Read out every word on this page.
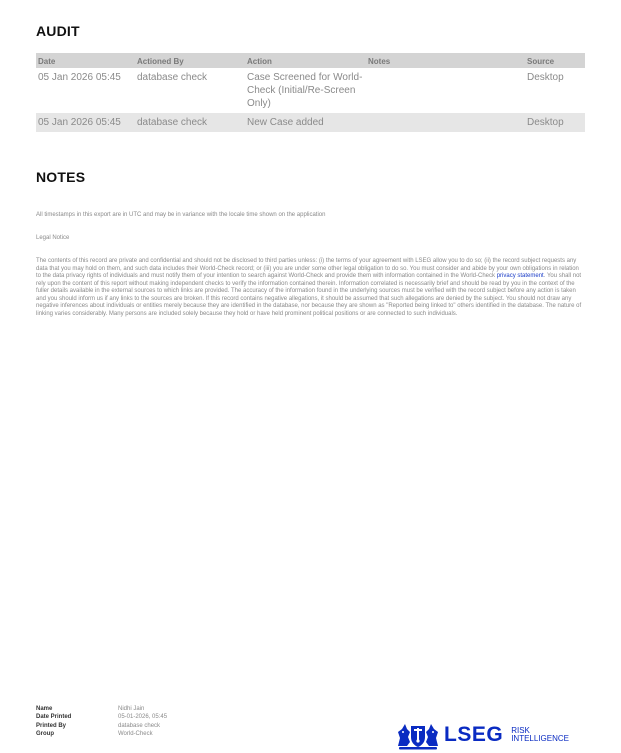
AUDIT
Date	Actioned By	Action	Notes	Source
05 Jan 2026 05:45	database check	Case Screened for World-Check (Initial/Re-Screen Only)		Desktop
05 Jan 2026 05:45	database check	New Case added		Desktop
NOTES
All timestamps in this export are in UTC and may be in variance with the locale time shown on the application
Legal Notice
The contents of this record are private and confidential and should not be disclosed to third parties unless: (i) the terms of your agreement with LSEG allow you to do so; (ii) the record subject requests any data that you may hold on them, and such data includes their World-Check record; or (iii) you are under some other legal obligation to do so. You must consider and abide by your own obligations in relation to the data privacy rights of individuals and must notify them of your intention to search against World-Check and provide them with information contained in the World-Check privacy statement. You shall not rely upon the content of this report without making independent checks to verify the information contained therein. Information correlated is necessarily brief and should be read by you in the context of the fuller details available in the external sources to which links are provided. The accuracy of the information found in the underlying sources must be verified with the record subject before any action is taken and you should inform us if any links to the sources are broken. If this record contains negative allegations, it should be assumed that such allegations are denied by the subject. You should not draw any negative inferences about individuals or entities merely because they are identified in the database, nor because they are shown as "Reported being linked to" others identified in the database. The nature of linking varies considerably. Many persons are included solely because they hold or have held prominent political positions or are connected to such individuals.
Name	Nidhi Jain
Date Printed	05-01-2026, 05:45
Printed By	database check
Group	World-Check	LSEG RISK
INTELLIGENCE
